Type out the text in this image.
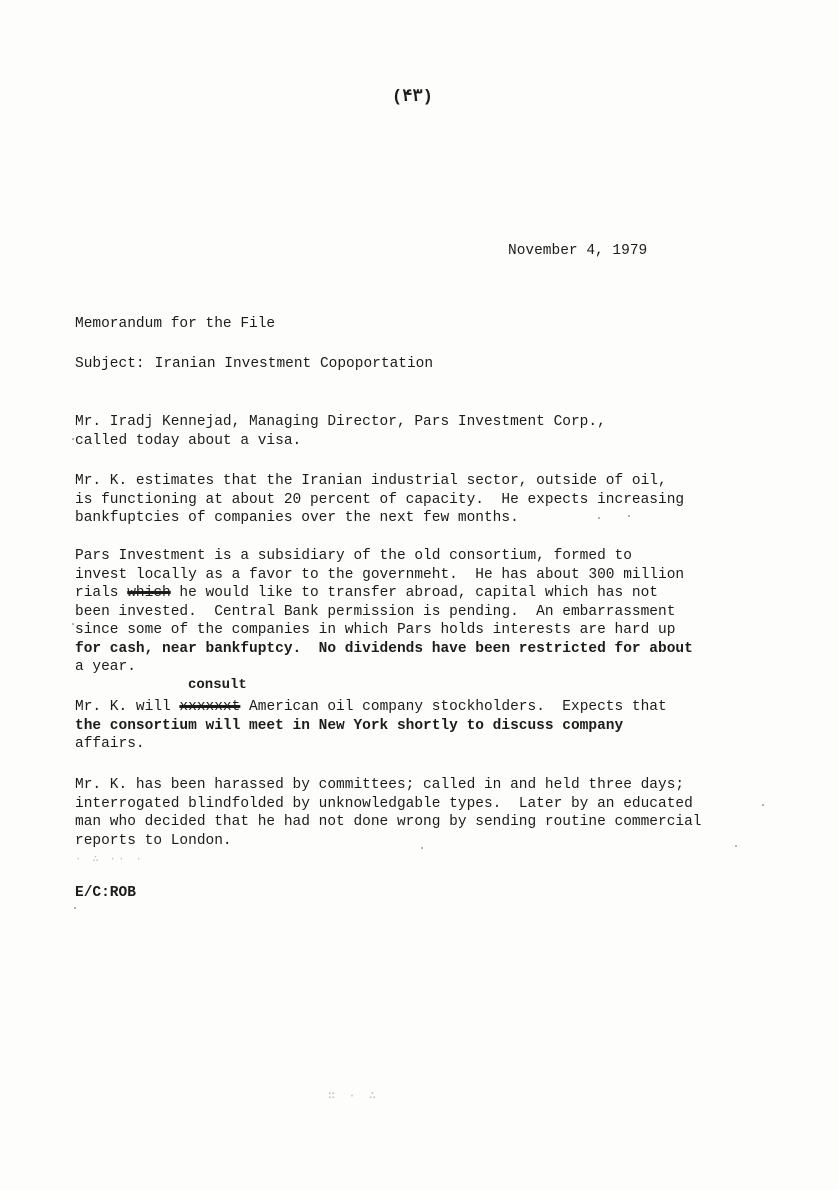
(۴۳)
November 4, 1979
Memorandum for the File
Subject: Iranian Investment Copoportation
Mr. Iradj Kennejad, Managing Director, Pars Investment Corp.,
called today about a visa.
Mr. K. estimates that the Iranian industrial sector, outside of oil,
is functioning at about 20 percent of capacity.  He expects increasing
bankfuptcies of companies over the next few months.
Pars Investment is a subsidiary of the old consortium, formed to
invest locally as a favor to the governmeht.  He has about 300 million
rials which he would like to transfer abroad, capital which has not
been invested.  Central Bank permission is pending.  An embarrassment
since some of the companies in which Pars holds interests are hard up
for cash, near bankfuptcy.  No dividends have been restricted for about
a year.
consult
Mr. K. will xxxxxxt American oil company stockholders.  Expects that
the consortium will meet in New York shortly to discuss company
affairs.
Mr. K. has been harassed by committees; called in and held three days;
interrogated blindfolded by unknowledgable types.  Later by an educated
man who decided that he had not done wrong by sending routine commercial
reports to London.
· ∴ ·· ·
E/C:ROB
∷ · ∴
